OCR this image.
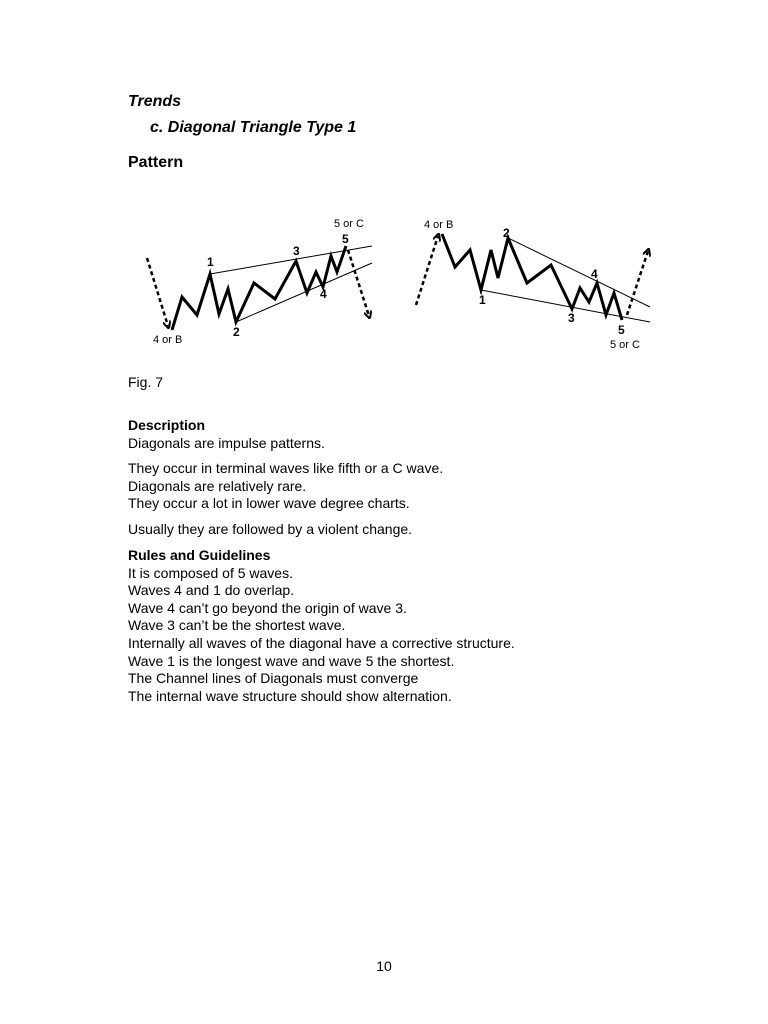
Trends
c. Diagonal Triangle Type 1
Pattern
1
2
3
4
5
4 or B
5 or C
1
2
3
4
5
4 or B
5 or C
Fig. 7
Description

Diagonals are impulse patterns.

They occur in terminal waves like fifth or a C wave.
Diagonals are relatively rare.
They occur a lot in lower wave degree charts.

Usually they are followed by a violent change.

Rules and Guidelines
It is composed of 5 waves.
Waves 4 and 1 do overlap.
Wave 4 can’t go beyond the origin of wave 3.
Wave 3 can’t be the shortest wave.
Internally all waves of the diagonal have a corrective structure.
Wave 1 is the longest wave and wave 5 the shortest.
The Channel lines of Diagonals must converge
The internal wave structure should show alternation.
10
